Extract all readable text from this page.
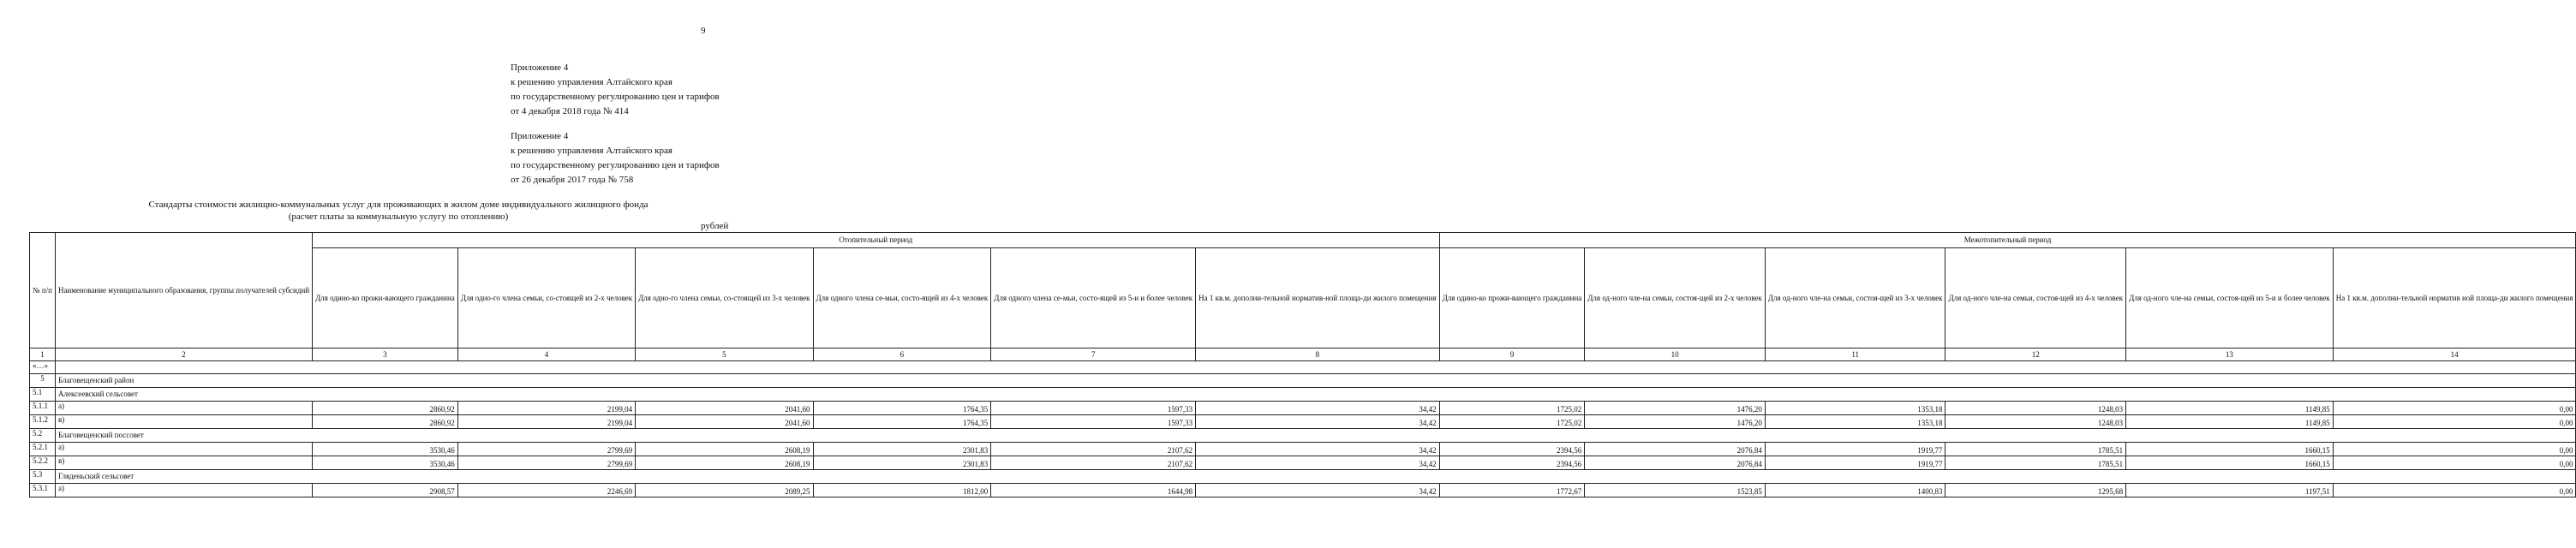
9
Приложение 4
к решению управления Алтайского края
по государственному регулированию цен и тарифов
от 4 декабря 2018 года № 414
Приложение 4
к решению управления Алтайского края
по государственному регулированию цен и тарифов
от 26 декабря 2017 года № 758
Стандарты стоимости жилищно-коммунальных услуг для проживающих в жилом доме индивидуального жилищного фонда
(расчет платы за коммунальную услугу по отоплению)
рублей
№ п/п	Наименование муниципального образования, группы получателей субсидий	Отопительный период						Межотопительный период					
		Для одино-ко прожи-вающего гражданина	Для одно-го члена семьи, со-стоящей из 2-х человек	Для одно-го члена семьи, со-стоящей из 3-х человек	Для одного члена се-мьи, состо-ящей из 4-х человек	Для одного члена се-мьи, состо-ящей из 5-и и более человек	На 1 кв.м. дополни-тельной норматив-ной площа-ди жилого помещения	Для одино-ко прожи-вающего гражданина	Для од-ного чле-на семьи, состоя-щей из 2-х человек	Для од-ного чле-на семьи, состоя-щей из 3-х человек	Для од-ного чле-на семьи, состоя-щей из 4-х человек	Для од-ного чле-на семьи, состоя-щей из 5-и и более человек	На 1 кв.м. дополни-тельной норматив ной площа-ди жилого помещения
1	2	3	4	5	6	7	8	9	10	11	12	13	14
«…»													
5	Благовещенский район												
5.1	Алексеевский сельсовет												
5.1.1	а)	2860,92	2199,04	2041,60	1764,35	1597,33	34,42	1725,02	1476,20	1353,18	1248,03	1149,85	0,00
5.1.2	в)	2860,92	2199,04	2041,60	1764,35	1597,33	34,42	1725,02	1476,20	1353,18	1248,03	1149,85	0,00
5.2	Благовещенский поссовет												
5.2.1	а)	3530,46	2799,69	2608,19	2301,83	2107,62	34,42	2394,56	2076,84	1919,77	1785,51	1660,15	0,00
5.2.2	в)	3530,46	2799,69	2608,19	2301,83	2107,62	34,42	2394,56	2076,84	1919,77	1785,51	1660,15	0,00
5.3	Гляденьский сельсовет												
5.3.1	а)	2908,57	2246,69	2089,25	1812,00	1644,98	34,42	1772,67	1523,85	1400,83	1295,68	1197,51	0,00
